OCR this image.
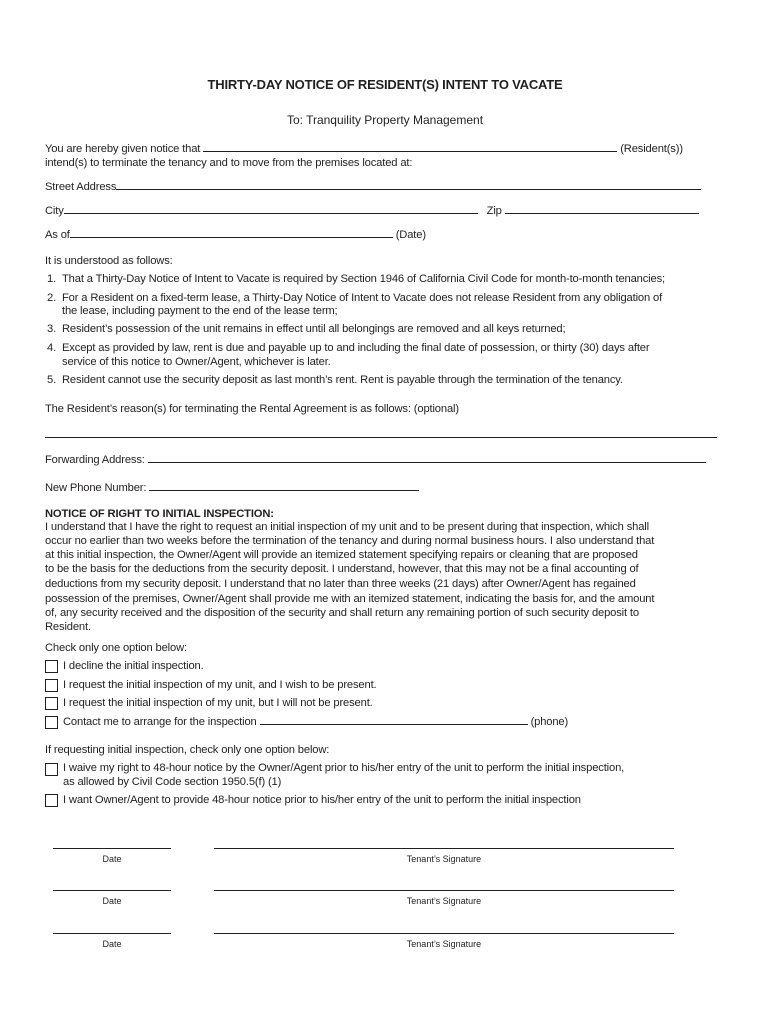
THIRTY-DAY NOTICE OF RESIDENT(S) INTENT TO VACATE
To: Tranquility Property Management
You are hereby given notice that	(Resident(s))
intend(s) to terminate the tenancy and to move from the premises located at:
Street Address
City	Zip
As of	(Date)
It is understood as follows:
1. That a Thirty-Day Notice of Intent to Vacate is required by Section 1946 of California Civil Code for month-to-month tenancies;
2. For a Resident on a fixed-term lease, a Thirty-Day Notice of Intent to Vacate does not release Resident from any obligation of
the lease, including payment to the end of the lease term;
3. Resident’s possession of the unit remains in effect until all belongings are removed and all keys returned;
4. Except as provided by law, rent is due and payable up to and including the final date of possession, or thirty (30) days after
service of this notice to Owner/Agent, whichever is later.
5. Resident cannot use the security deposit as last month’s rent. Rent is payable through the termination of the tenancy.
The Resident’s reason(s) for terminating the Rental Agreement is as follows: (optional)
Forwarding Address:
New Phone Number:
NOTICE OF RIGHT TO INITIAL INSPECTION:
I understand that I have the right to request an initial inspection of my unit and to be present during that inspection, which shall
occur no earlier than two weeks before the termination of the tenancy and during normal business hours. I also understand that
at this initial inspection, the Owner/Agent will provide an itemized statement specifying repairs or cleaning that are proposed
to be the basis for the deductions from the security deposit. I understand, however, that this may not be a final accounting of
deductions from my security deposit. I understand that no later than three weeks (21 days) after Owner/Agent has regained
possession of the premises, Owner/Agent shall provide me with an itemized statement, indicating the basis for, and the amount
of, any security received and the disposition of the security and shall return any remaining portion of such security deposit to
Resident.
Check only one option below:
I decline the initial inspection.
I request the initial inspection of my unit, and I wish to be present.
I request the initial inspection of my unit, but I will not be present.
Contact me to arrange for the inspection	(phone)
If requesting initial inspection, check only one option below:
I waive my right to 48-hour notice by the Owner/Agent prior to his/her entry of the unit to perform the initial inspection,
as allowed by Civil Code section 1950.5(f) (1)
I want Owner/Agent to provide 48-hour notice prior to his/her entry of the unit to perform the initial inspection
Date	Tenant’s Signature
Date	Tenant’s Signature
Date	Tenant’s Signature
